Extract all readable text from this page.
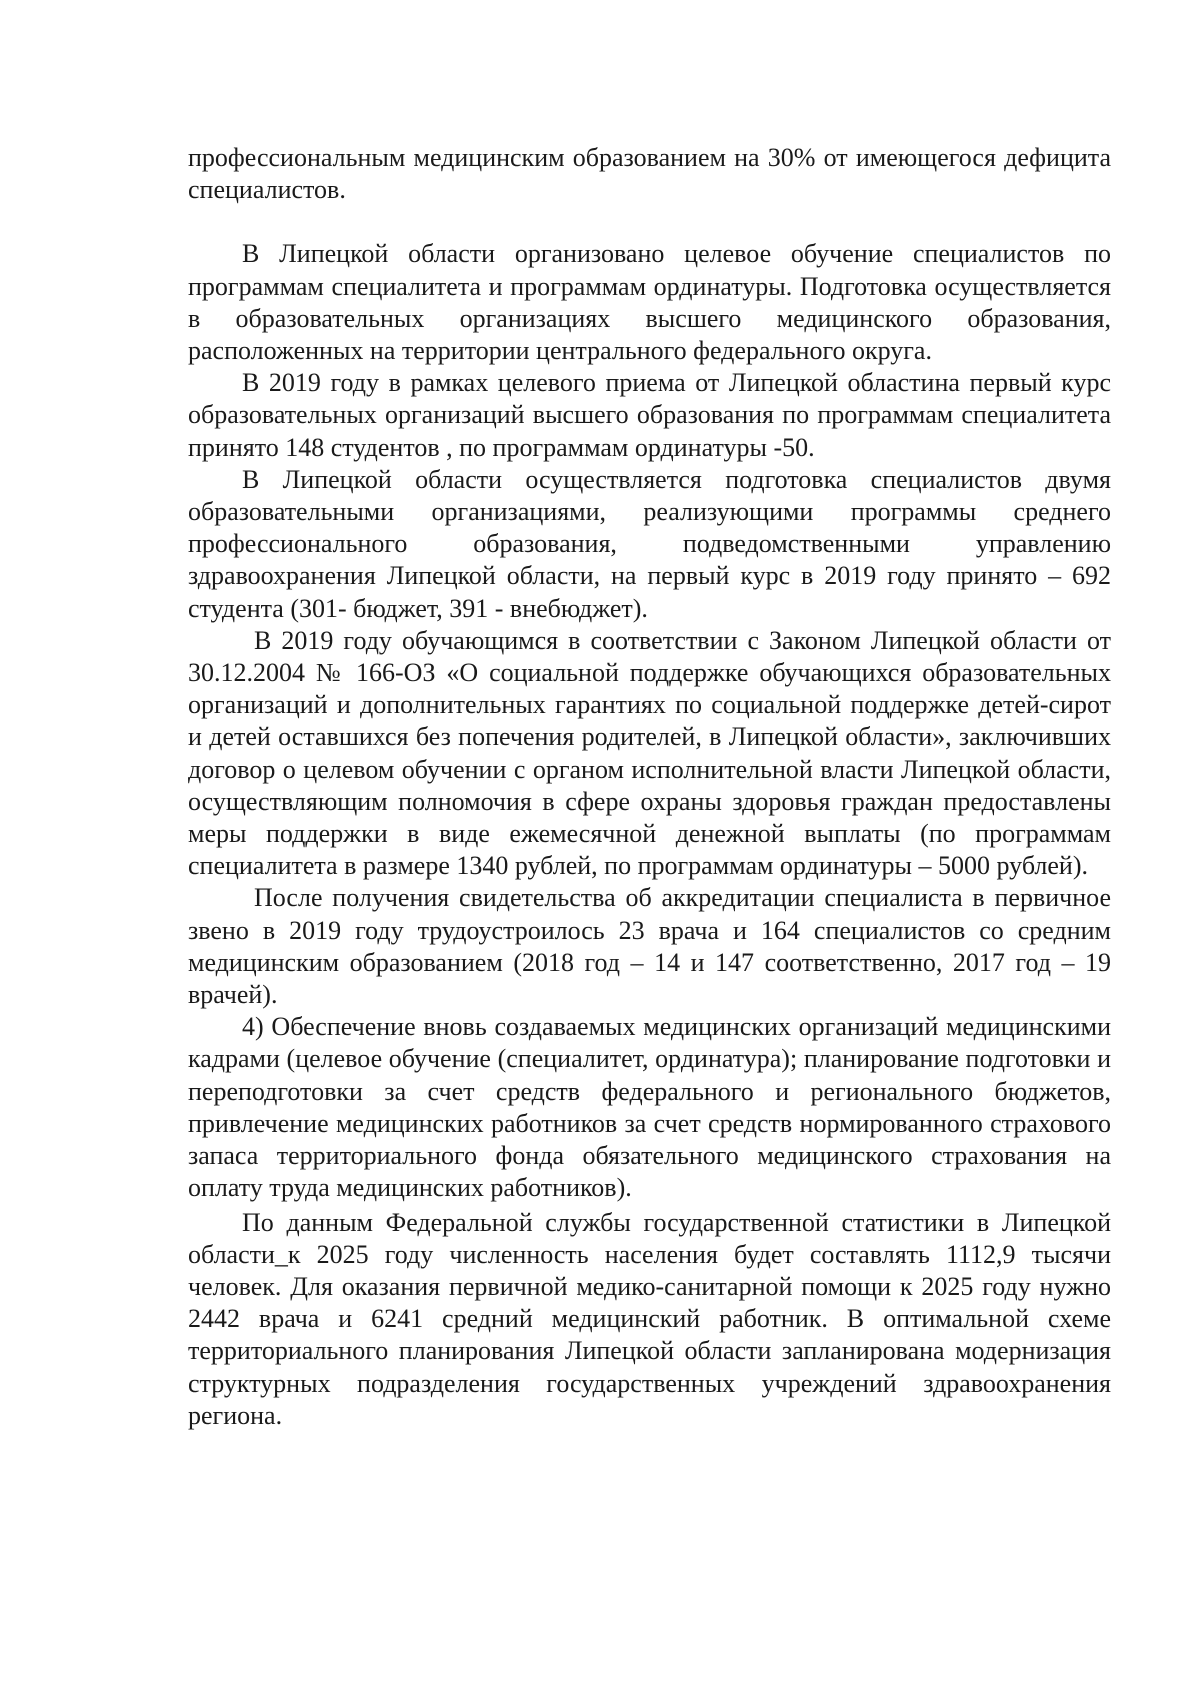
профессиональным медицинским образованием на 30% от имеющегося дефицита специалистов.

В Липецкой области организовано целевое обучение специалистов по программам специалитета и программам ординатуры. Подготовка осуществляется в образовательных организациях высшего медицинского образования, расположенных на территории центрального федерального округа.

В 2019 году в рамках целевого приема от Липецкой областина первый курс образовательных организаций высшего образования по программам специалитета принято 148 студентов , по программам ординатуры -50.

В Липецкой области осуществляется подготовка специалистов двумя образовательными организациями, реализующими программы среднего профессионального образования, подведомственными управлению здравоохранения Липецкой области, на первый курс в 2019 году принято – 692 студента (301- бюджет, 391 - внебюджет).

В 2019 году обучающимся в соответствии с Законом Липецкой области от 30.12.2004 № 166-ОЗ «О социальной поддержке обучающихся образовательных организаций и дополнительных гарантиях по социальной поддержке детей-сирот и детей оставшихся без попечения родителей, в Липецкой области», заключивших договор о целевом обучении с органом исполнительной власти Липецкой области, осуществляющим полномочия в сфере охраны здоровья граждан предоставлены меры поддержки в виде ежемесячной денежной выплаты (по программам специалитета в размере 1340 рублей, по программам ординатуры – 5000 рублей).

После получения свидетельства об аккредитации специалиста в первичное звено в 2019 году трудоустроилось 23 врача и 164 специалистов со средним медицинским образованием (2018 год – 14 и 147 соответственно, 2017 год – 19 врачей).

4) Обеспечение вновь создаваемых медицинских организаций медицинскими кадрами (целевое обучение (специалитет, ординатура); планирование подготовки и переподготовки за счет средств федерального и регионального бюджетов, привлечение медицинских работников за счет средств нормированного страхового запаса территориального фонда обязательного медицинского страхования на оплату труда медицинских работников).

По данным Федеральной службы государственной статистики в Липецкой области_к 2025 году численность населения будет составлять 1112,9 тысячи человек. Для оказания первичной медико-санитарной помощи к 2025 году нужно 2442 врача и 6241 средний медицинский работник. В оптимальной схеме территориального планирования Липецкой области запланирована модернизация структурных подразделения государственных учреждений здравоохранения региона.
